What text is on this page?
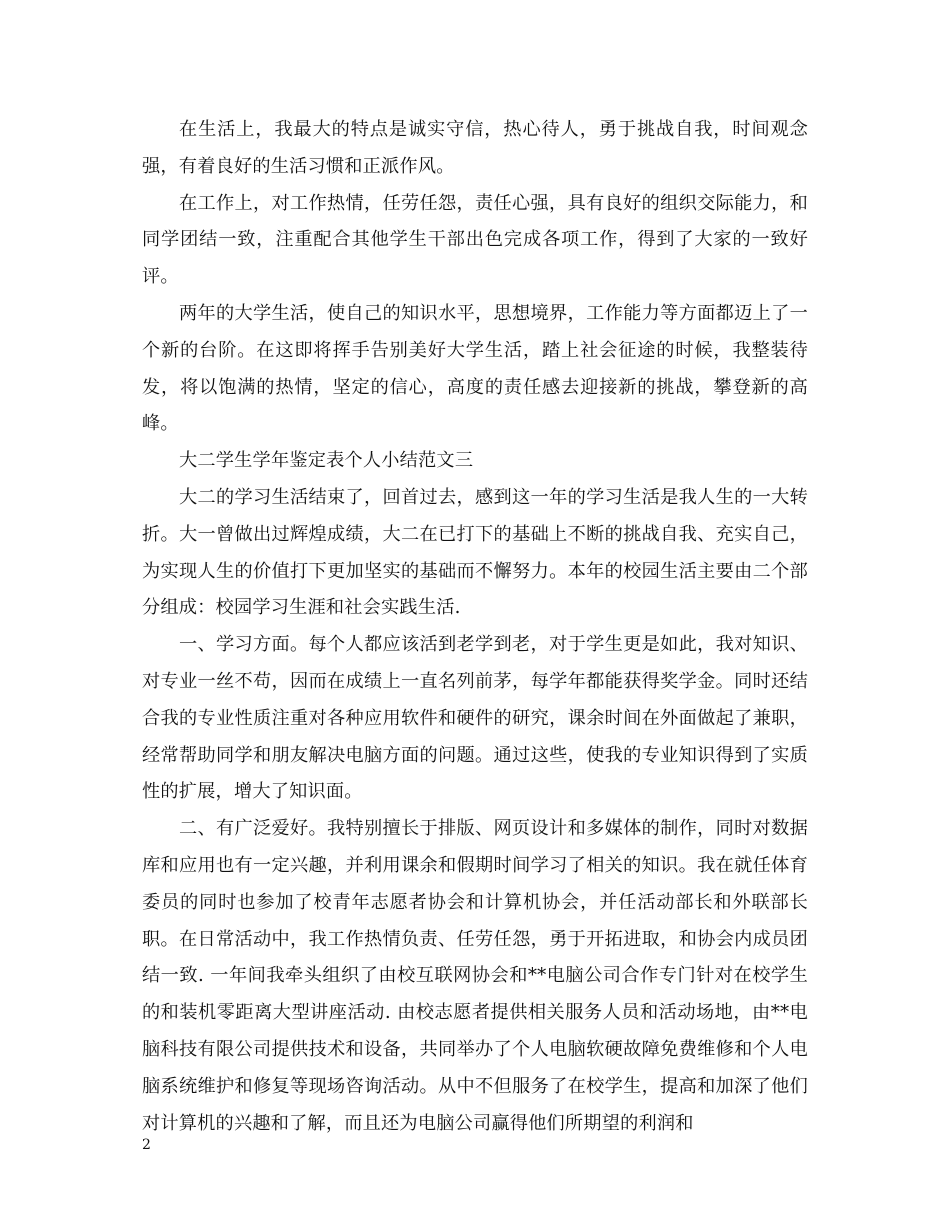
在生活上，我最大的特点是诚实守信，热心待人，勇于挑战自我，时间观念强，有着良好的生活习惯和正派作风。

在工作上，对工作热情，任劳任怨，责任心强，具有良好的组织交际能力，和同学团结一致，注重配合其他学生干部出色完成各项工作，得到了大家的一致好评。

两年的大学生活，使自己的知识水平，思想境界，工作能力等方面都迈上了一个新的台阶。在这即将挥手告别美好大学生活，踏上社会征途的时候，我整装待发，将以饱满的热情，坚定的信心，高度的责任感去迎接新的挑战，攀登新的高峰。

大二学生学年鉴定表个人小结范文三

大二的学习生活结束了，回首过去，感到这一年的学习生活是我人生的一大转折。大一曾做出过辉煌成绩，大二在已打下的基础上不断的挑战自我、充实自己，为实现人生的价值打下更加坚实的基础而不懈努力。本年的校园生活主要由二个部分组成：校园学习生涯和社会实践生活.

一、学习方面。每个人都应该活到老学到老，对于学生更是如此，我对知识、对专业一丝不苟，因而在成绩上一直名列前茅，每学年都能获得奖学金。同时还结合我的专业性质注重对各种应用软件和硬件的研究，课余时间在外面做起了兼职，经常帮助同学和朋友解决电脑方面的问题。通过这些，使我的专业知识得到了实质性的扩展，增大了知识面。

二、有广泛爱好。我特别擅长于排版、网页设计和多媒体的制作，同时对数据库和应用也有一定兴趣，并利用课余和假期时间学习了相关的知识。我在就任体育委员的同时也参加了校青年志愿者协会和计算机协会，并任活动部长和外联部长职。在日常活动中，我工作热情负责、任劳任怨，勇于开拓进取，和协会内成员团结一致. 一年间我牵头组织了由校互联网协会和**电脑公司合作专门针对在校学生的和装机零距离大型讲座活动. 由校志愿者提供相关服务人员和活动场地，由**电脑科技有限公司提供技术和设备，共同举办了个人电脑软硬故障免费维修和个人电脑系统维护和修复等现场咨询活动。从中不但服务了在校学生，提高和加深了他们对计算机的兴趣和了解，而且还为电脑公司赢得他们所期望的利润和

2
